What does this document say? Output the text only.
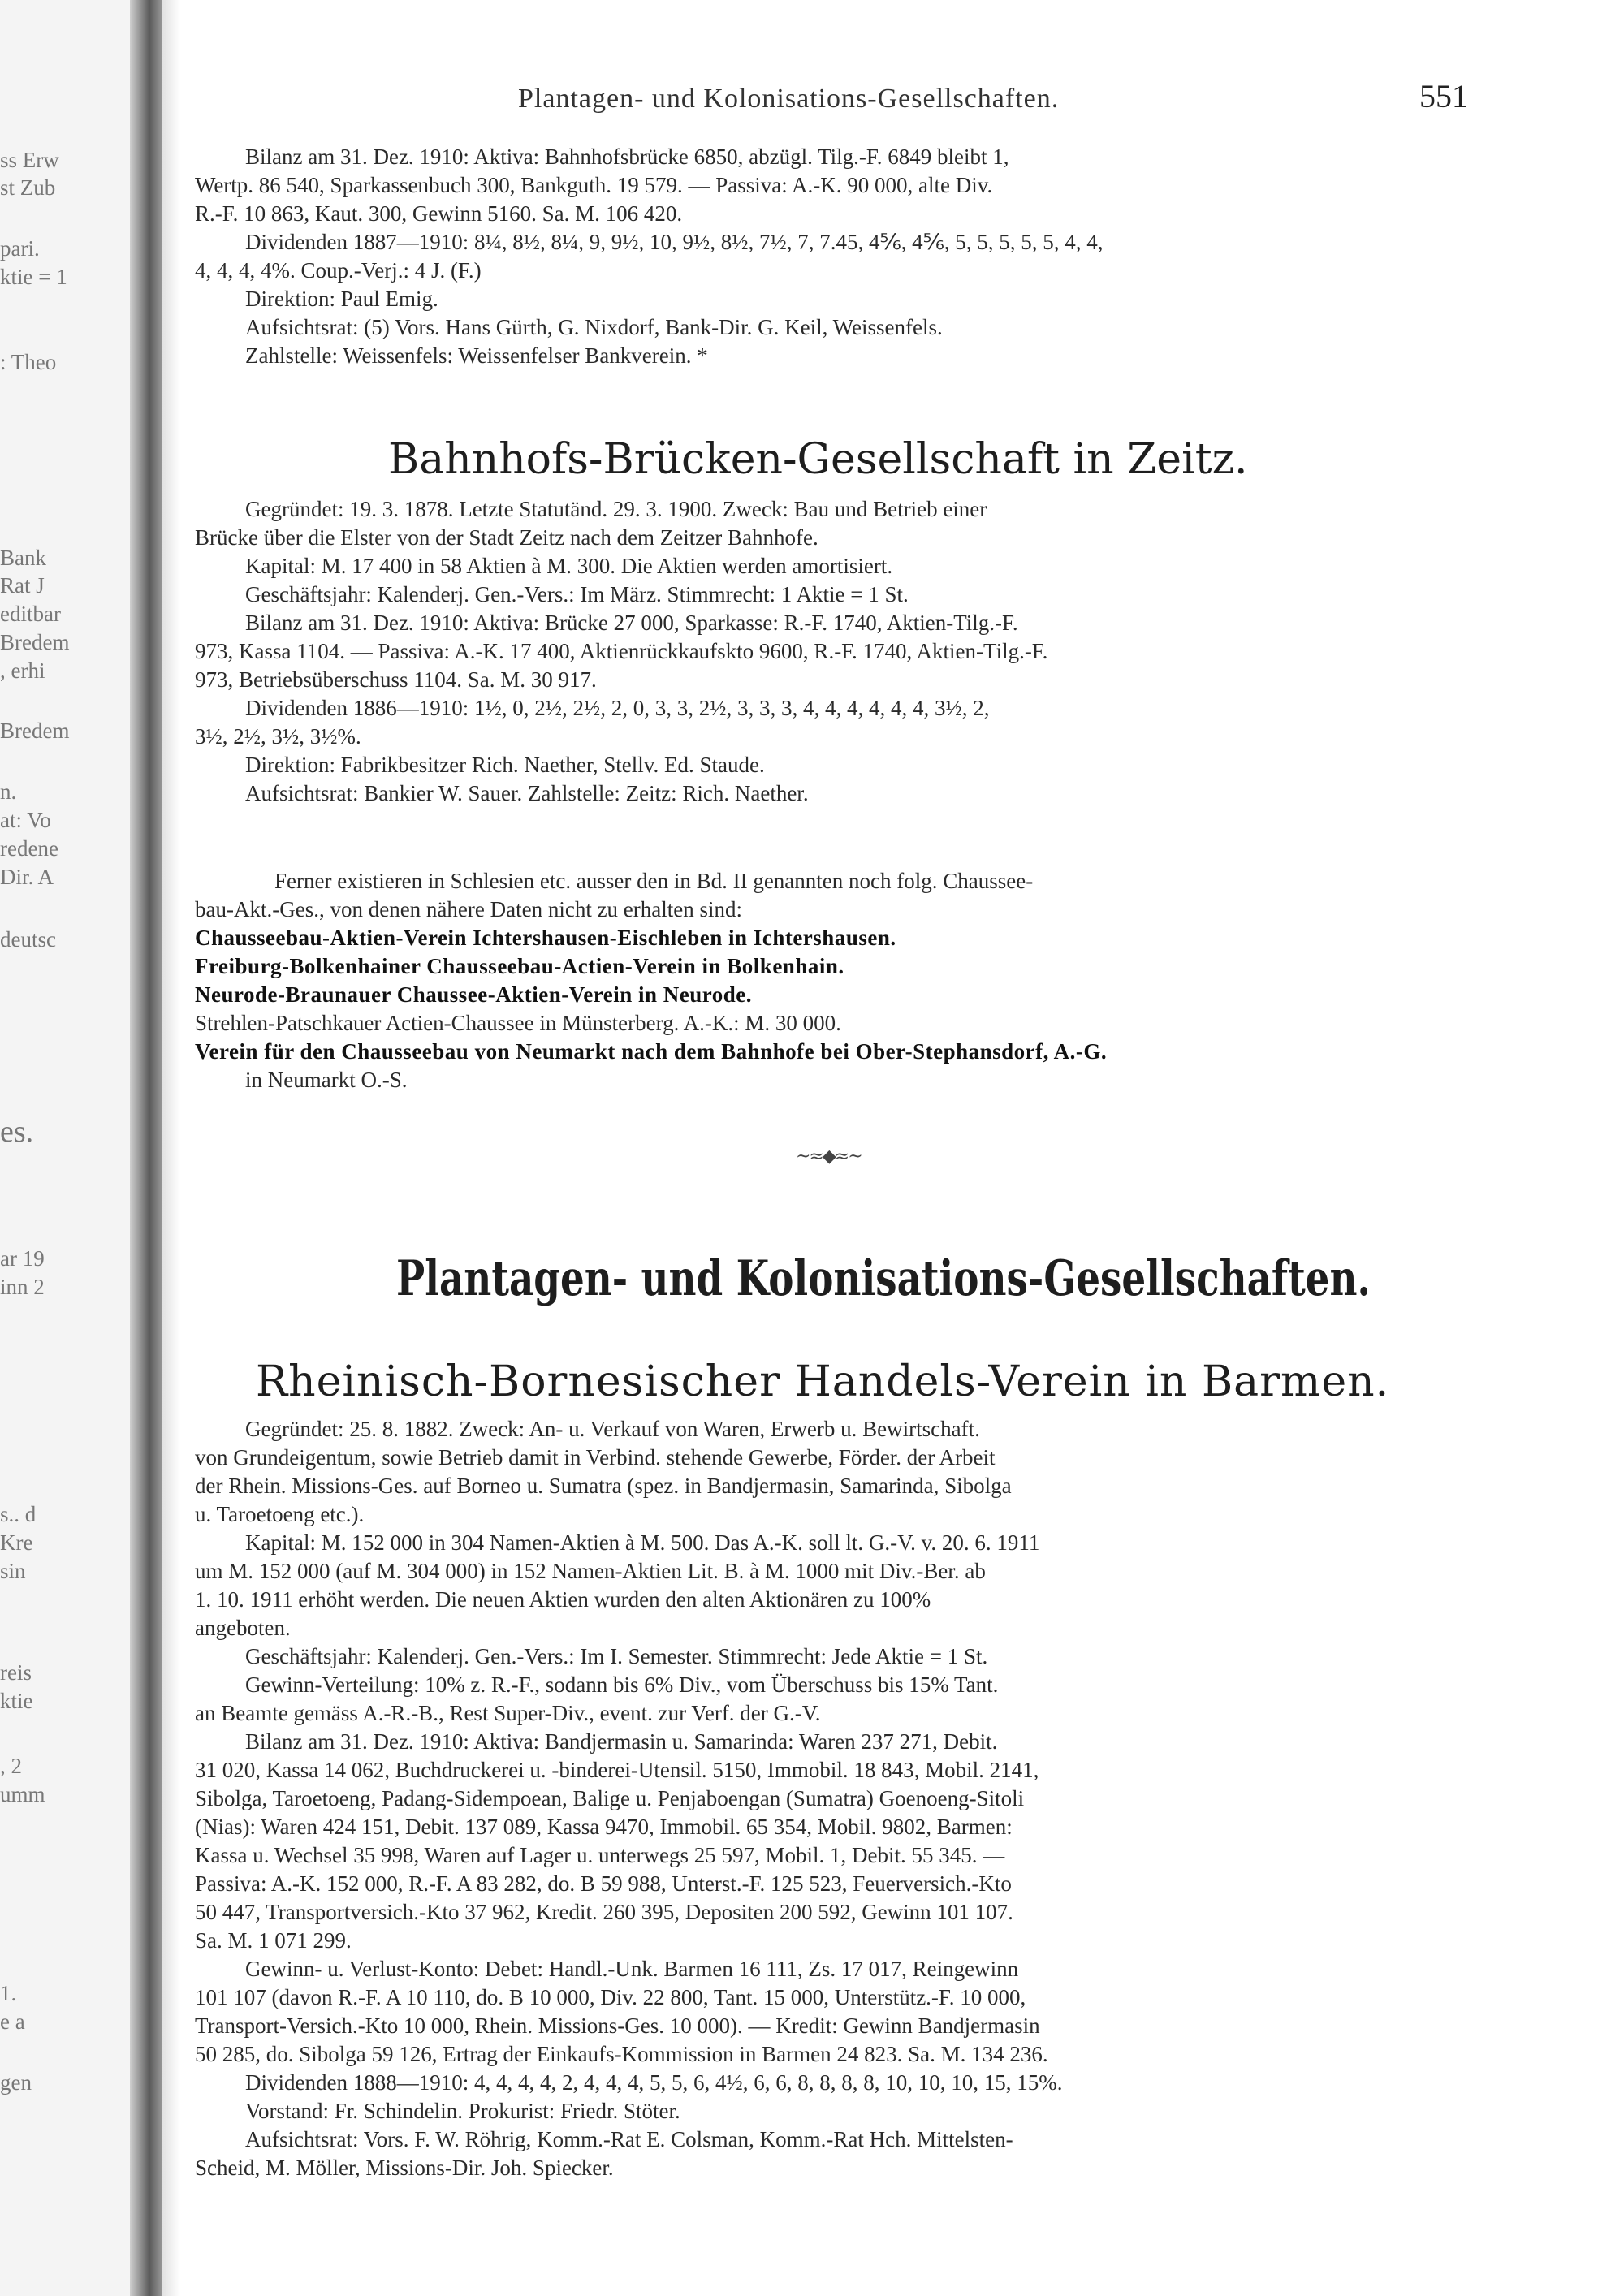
ss Erw
st Zub
pari.
ktie = 1
: Theo
Bank
Rat J
editbar
Bredem
, erhi
Bredem
n.
at: Vo
redene
Dir. A
deutsc
es.
ar 19
inn 2
s.. d
Kre
sin
reis
ktie
, 2
umm
1.
e a
gen
Plantagen- und Kolonisations-Gesellschaften.	551
Bilanz am 31. Dez. 1910: Aktiva: Bahnhofsbrücke 6850, abzügl. Tilg.-F. 6849 bleibt 1,
Wertp. 86 540, Sparkassenbuch 300, Bankguth. 19 579. — Passiva: A.-K. 90 000, alte Div.
R.-F. 10 863, Kaut. 300, Gewinn 5160. Sa. M. 106 420.
Dividenden 1887—1910: 8¼, 8½, 8¼, 9, 9½, 10, 9½, 8½, 7½, 7, 7.45, 4⅚, 4⅚, 5, 5, 5, 5, 5, 4, 4,
4, 4, 4, 4%. Coup.-Verj.: 4 J. (F.)
Direktion: Paul Emig.
Aufsichtsrat: (5) Vors. Hans Gürth, G. Nixdorf, Bank-Dir. G. Keil, Weissenfels.
Zahlstelle: Weissenfels: Weissenfelser Bankverein. *
Bahnhofs-Brücken-Gesellschaft in Zeitz.
Gegründet: 19. 3. 1878. Letzte Statutänd. 29. 3. 1900. Zweck: Bau und Betrieb einer
Brücke über die Elster von der Stadt Zeitz nach dem Zeitzer Bahnhofe.
Kapital: M. 17 400 in 58 Aktien à M. 300. Die Aktien werden amortisiert.
Geschäftsjahr: Kalenderj. Gen.-Vers.: Im März. Stimmrecht: 1 Aktie = 1 St.
Bilanz am 31. Dez. 1910: Aktiva: Brücke 27 000, Sparkasse: R.-F. 1740, Aktien-Tilg.-F.
973, Kassa 1104. — Passiva: A.-K. 17 400, Aktienrückkaufskto 9600, R.-F. 1740, Aktien-Tilg.-F.
973, Betriebsüberschuss 1104. Sa. M. 30 917.
Dividenden 1886—1910: 1½, 0, 2½, 2½, 2, 0, 3, 3, 2½, 3, 3, 3, 4, 4, 4, 4, 4, 4, 3½, 2,
3½, 2½, 3½, 3½%.
Direktion: Fabrikbesitzer Rich. Naether, Stellv. Ed. Staude.
Aufsichtsrat: Bankier W. Sauer. Zahlstelle: Zeitz: Rich. Naether.
Ferner existieren in Schlesien etc. ausser den in Bd. II genannten noch folg. Chaussee-
bau-Akt.-Ges., von denen nähere Daten nicht zu erhalten sind:
Chausseebau-Aktien-Verein Ichtershausen-Eischleben in Ichtershausen.
Freiburg-Bolkenhainer Chausseebau-Actien-Verein in Bolkenhain.
Neurode-Braunauer Chaussee-Aktien-Verein in Neurode.
Strehlen-Patschkauer Actien-Chaussee in Münsterberg. A.-K.: M. 30 000.
Verein für den Chausseebau von Neumarkt nach dem Bahnhofe bei Ober-Stephansdorf, A.-G.
in Neumarkt O.-S.
~≈◆≈~
Plantagen- und Kolonisations-Gesellschaften.
Rheinisch-Bornesischer Handels-Verein in Barmen.
Gegründet: 25. 8. 1882. Zweck: An- u. Verkauf von Waren, Erwerb u. Bewirtschaft.
von Grundeigentum, sowie Betrieb damit in Verbind. stehende Gewerbe, Förder. der Arbeit
der Rhein. Missions-Ges. auf Borneo u. Sumatra (spez. in Bandjermasin, Samarinda, Sibolga
u. Taroetoeng etc.).
Kapital: M. 152 000 in 304 Namen-Aktien à M. 500. Das A.-K. soll lt. G.-V. v. 20. 6. 1911
um M. 152 000 (auf M. 304 000) in 152 Namen-Aktien Lit. B. à M. 1000 mit Div.-Ber. ab
1. 10. 1911 erhöht werden. Die neuen Aktien wurden den alten Aktionären zu 100%
angeboten.
Geschäftsjahr: Kalenderj. Gen.-Vers.: Im I. Semester. Stimmrecht: Jede Aktie = 1 St.
Gewinn-Verteilung: 10% z. R.-F., sodann bis 6% Div., vom Überschuss bis 15% Tant.
an Beamte gemäss A.-R.-B., Rest Super-Div., event. zur Verf. der G.-V.
Bilanz am 31. Dez. 1910: Aktiva: Bandjermasin u. Samarinda: Waren 237 271, Debit.
31 020, Kassa 14 062, Buchdruckerei u. -binderei-Utensil. 5150, Immobil. 18 843, Mobil. 2141,
Sibolga, Taroetoeng, Padang-Sidempoean, Balige u. Penjaboengan (Sumatra) Goenoeng-Sitoli
(Nias): Waren 424 151, Debit. 137 089, Kassa 9470, Immobil. 65 354, Mobil. 9802, Barmen:
Kassa u. Wechsel 35 998, Waren auf Lager u. unterwegs 25 597, Mobil. 1, Debit. 55 345. —
Passiva: A.-K. 152 000, R.-F. A 83 282, do. B 59 988, Unterst.-F. 125 523, Feuerversich.-Kto
50 447, Transportversich.-Kto 37 962, Kredit. 260 395, Depositen 200 592, Gewinn 101 107.
Sa. M. 1 071 299.
Gewinn- u. Verlust-Konto: Debet: Handl.-Unk. Barmen 16 111, Zs. 17 017, Reingewinn
101 107 (davon R.-F. A 10 110, do. B 10 000, Div. 22 800, Tant. 15 000, Unterstütz.-F. 10 000,
Transport-Versich.-Kto 10 000, Rhein. Missions-Ges. 10 000). — Kredit: Gewinn Bandjermasin
50 285, do. Sibolga 59 126, Ertrag der Einkaufs-Kommission in Barmen 24 823. Sa. M. 134 236.
Dividenden 1888—1910: 4, 4, 4, 4, 2, 4, 4, 4, 5, 5, 6, 4½, 6, 6, 8, 8, 8, 8, 10, 10, 10, 15, 15%.
Vorstand: Fr. Schindelin. Prokurist: Friedr. Stöter.
Aufsichtsrat: Vors. F. W. Röhrig, Komm.-Rat E. Colsman, Komm.-Rat Hch. Mittelsten-
Scheid, M. Möller, Missions-Dir. Joh. Spiecker.
